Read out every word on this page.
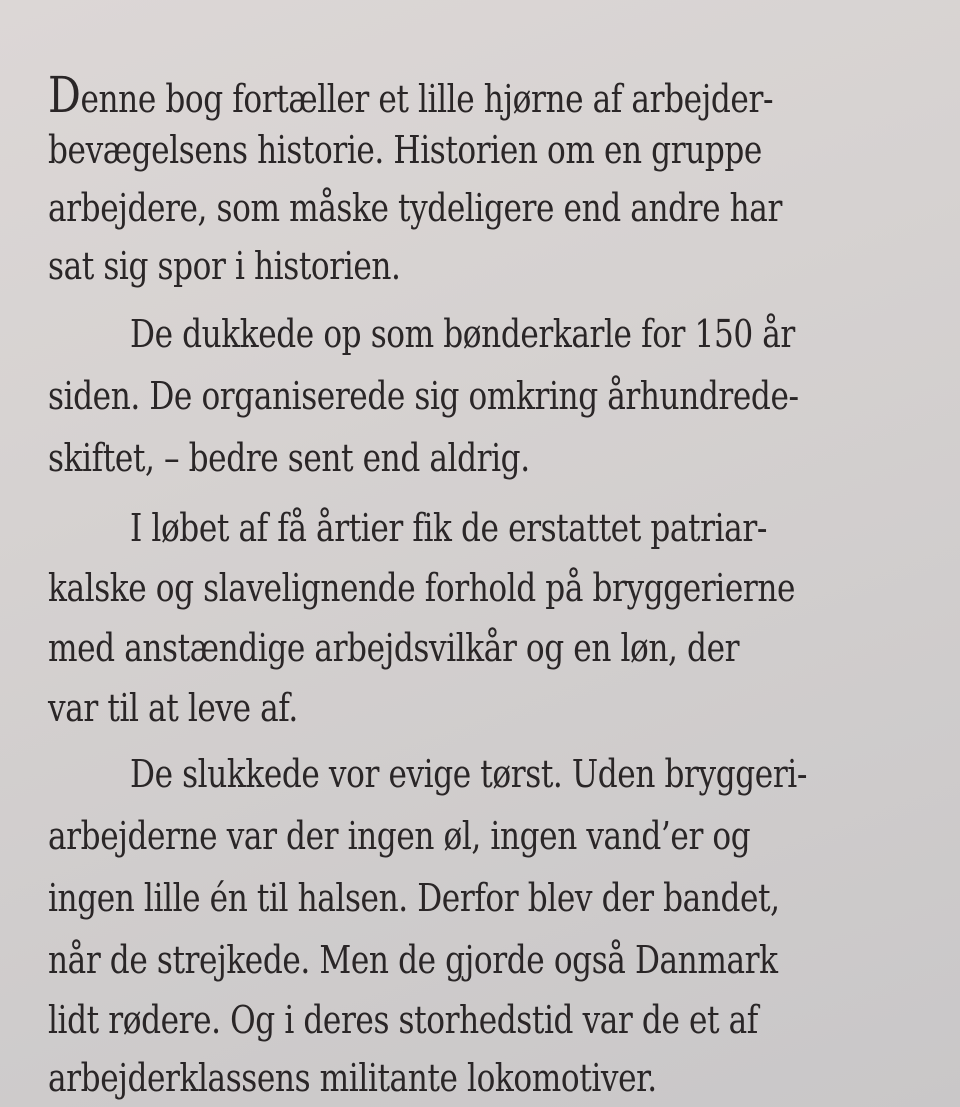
Denne bog fortæller et lille hjørne af arbejder-
bevægelsens historie. Historien om en gruppe
arbejdere, som måske tydeligere end andre har
sat sig spor i historien.
De dukkede op som bønderkarle for 150 år
siden. De organiserede sig omkring århundrede-
skiftet, – bedre sent end aldrig.
I løbet af få årtier fik de erstattet patriar-
kalske og slavelignende forhold på bryggerierne
med anstændige arbejdsvilkår og en løn, der
var til at leve af.
De slukkede vor evige tørst. Uden bryggeri-
arbejderne var der ingen øl, ingen vand’er og
ingen lille én til halsen. Derfor blev der bandet,
når de strejkede. Men de gjorde også Danmark
lidt rødere. Og i deres storhedstid var de et af
arbejderklassens militante lokomotiver.
